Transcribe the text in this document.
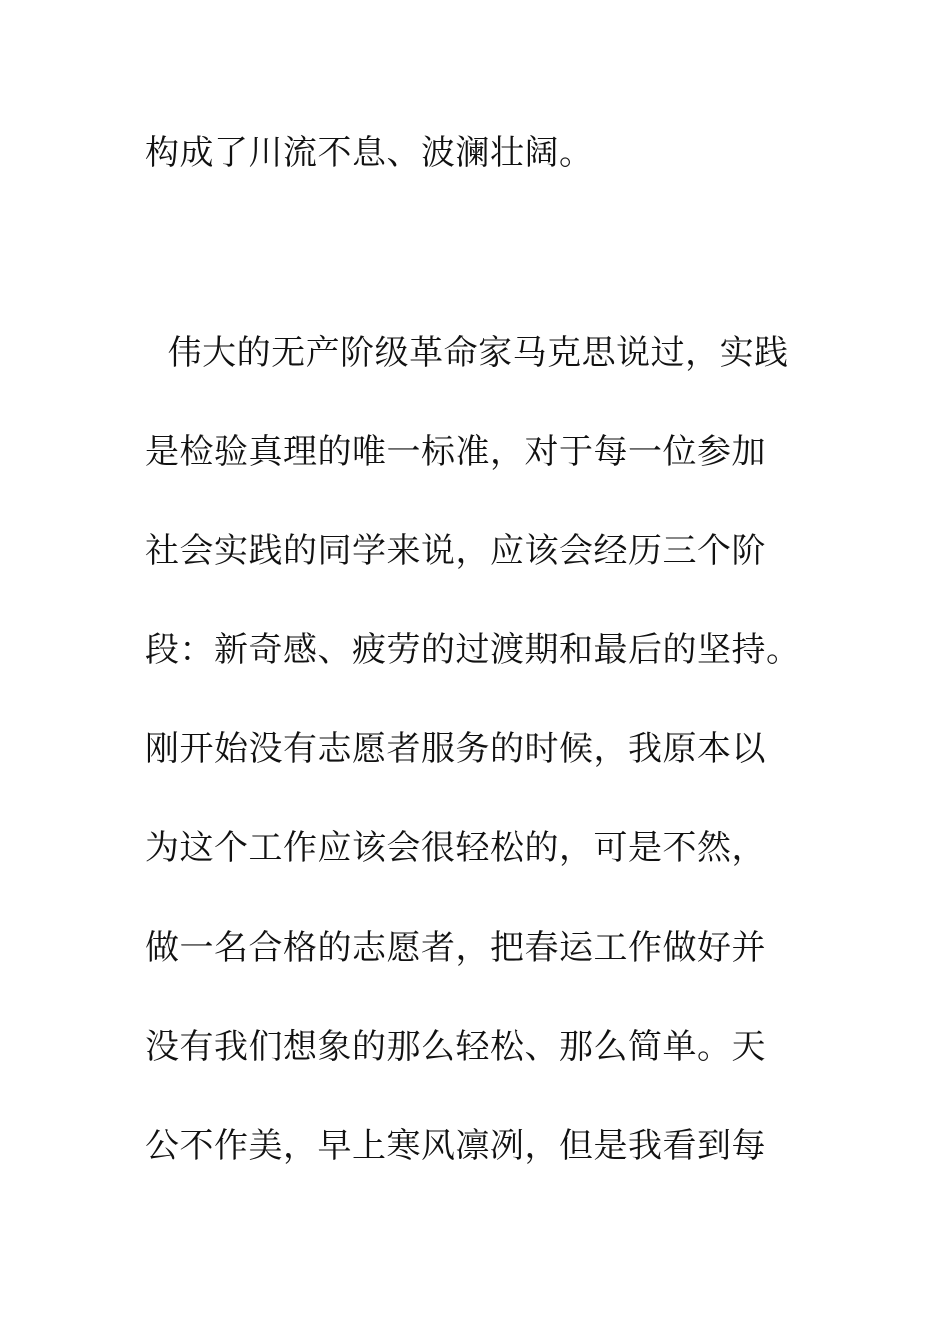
构成了川流不息、波澜壮阔。
伟大的无产阶级革命家马克思说过，实践
是检验真理的唯一标准，对于每一位参加
社会实践的同学来说，应该会经历三个阶
段：新奇感、疲劳的过渡期和最后的坚持。
刚开始没有志愿者服务的时候，我原本以
为这个工作应该会很轻松的，可是不然，
做一名合格的志愿者，把春运工作做好并
没有我们想象的那么轻松、那么简单。天
公不作美，早上寒风凛冽，但是我看到每
